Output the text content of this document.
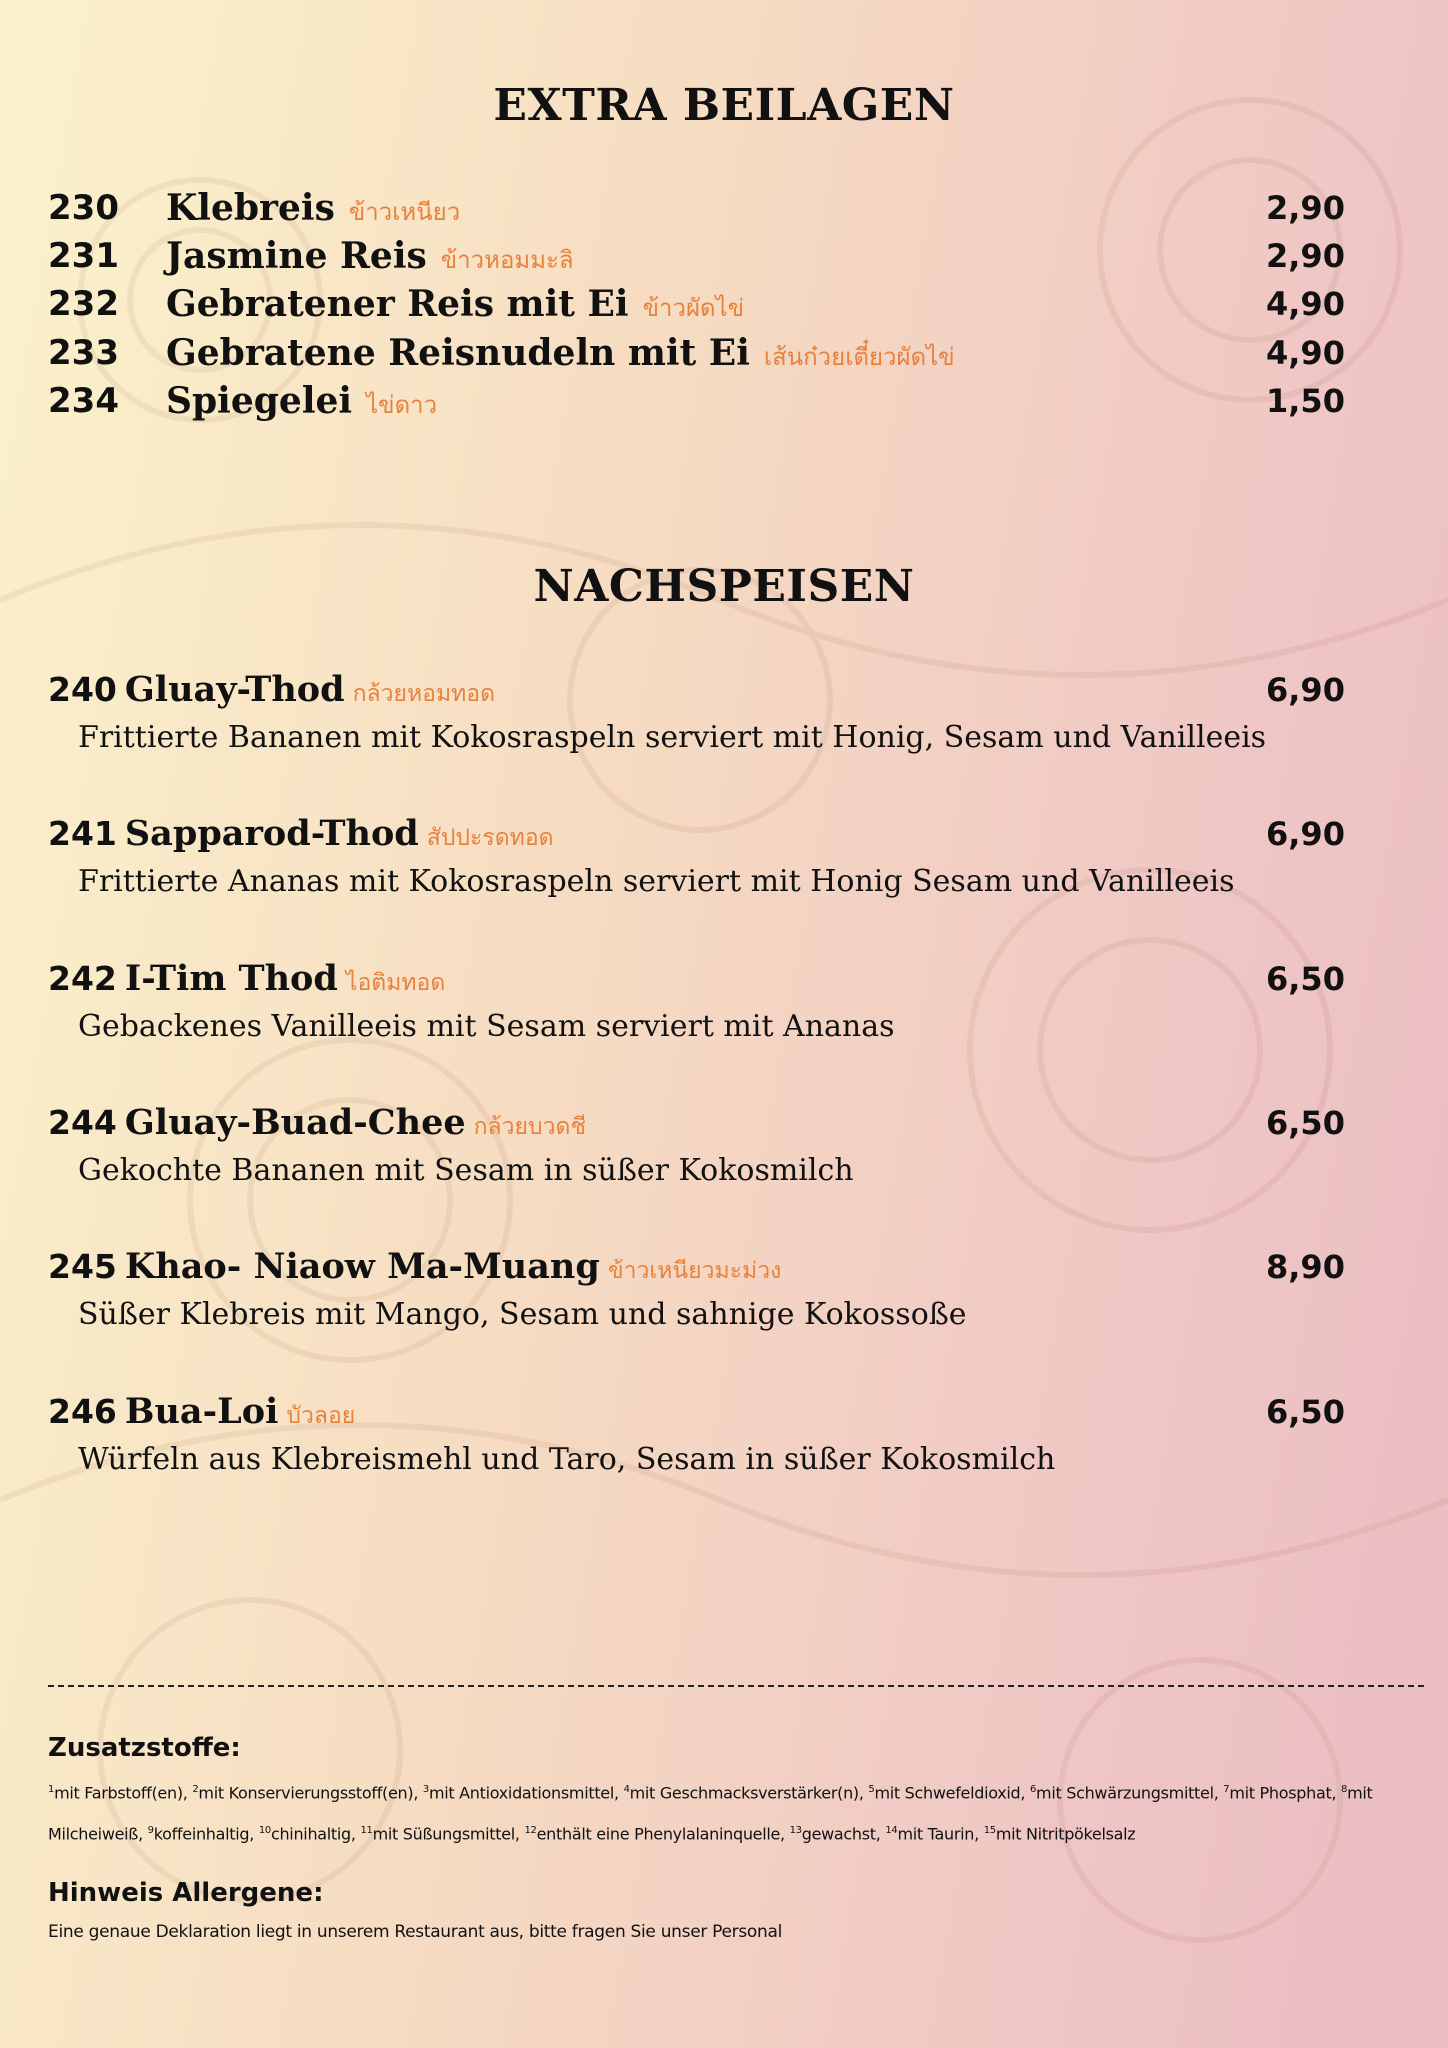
EXTRA BEILAGEN
230 Klebreis ข้าวเหนียว	2,90
231 Jasmine Reis ข้าวหอมมะลิ	2,90
232 Gebratener Reis mit Ei ข้าวผัดไข่	4,90
233 Gebratene Reisnudeln mit Ei เส้นก๋วยเตี๋ยวผัดไข่	4,90
234 Spiegelei ไข่ดาว	1,50
NACHSPEISEN
240 Gluay-Thod กล้วยหอมทอด	6,90
Frittierte Bananen mit Kokosraspeln serviert mit Honig, Sesam und Vanilleeis
241 Sapparod-Thod สัปปะรดทอด	6,90
Frittierte Ananas mit Kokosraspeln serviert mit Honig Sesam und Vanilleeis
242 I-Tim Thod ไอติมทอด	6,50
Gebackenes Vanilleeis mit Sesam serviert mit Ananas
244 Gluay-Buad-Chee กล้วยบวดชี	6,50
Gekochte Bananen mit Sesam in süßer Kokosmilch
245 Khao- Niaow Ma-Muang ข้าวเหนียวมะม่วง	8,90
Süßer Klebreis mit Mango, Sesam und sahnige Kokossoße
246 Bua-Loi บัวลอย	6,50
Würfeln aus Klebreismehl und Taro, Sesam in süßer Kokosmilch
Zusatzstoffe:
$^1$mit Farbstoff(en), $^2$mit Konservierungsstoff(en), $^3$mit Antioxidationsmittel, $^4$mit Geschmacksverstärker(n), $^5$mit Schwefeldioxid, $^6$mit Schwärzungsmittel, $^7$mit Phosphat, $^8$mit Milcheiweiß, $^9$koffeinhaltig, $^{10}$chinihaltig, $^{11}$mit Süßungsmittel, $^{12}$enthält eine Phenylalaninquelle, $^{13}$gewachst, $^{14}$mit Taurin, $^{15}$mit Nitritpökelsalz
Hinweis Allergene:
Eine genaue Deklaration liegt in unserem Restaurant aus, bitte fragen Sie unser Personal
